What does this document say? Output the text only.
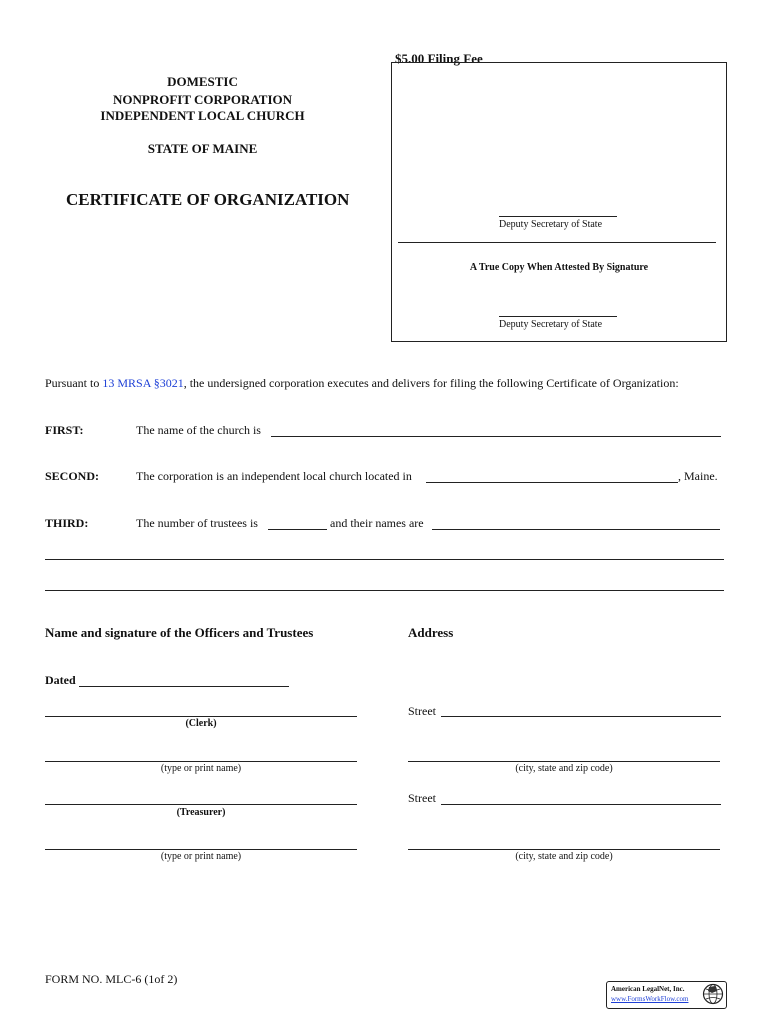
$5.00 Filing Fee
Deputy Secretary of State
A True Copy When Attested By Signature
Deputy Secretary of State
DOMESTIC
NONPROFIT CORPORATION
INDEPENDENT LOCAL CHURCH
STATE OF MAINE
CERTIFICATE OF ORGANIZATION
Pursuant to 13 MRSA §3021, the undersigned corporation executes and delivers for filing the following Certificate of Organization:
FIRST:	The name of the church is
SECOND:	The corporation is an independent local church located in	, Maine.
THIRD:	The number of trustees is	and their names are
Name and signature of the Officers and Trustees	Address
Dated
(Clerk)
Street
(type or print name)	(city, state and zip code)
(Treasurer)
Street
(type or print name)	(city, state and zip code)
FORM NO. MLC-6 (1of 2)
American LegalNet, Inc.
www.FormsWorkFlow.com
